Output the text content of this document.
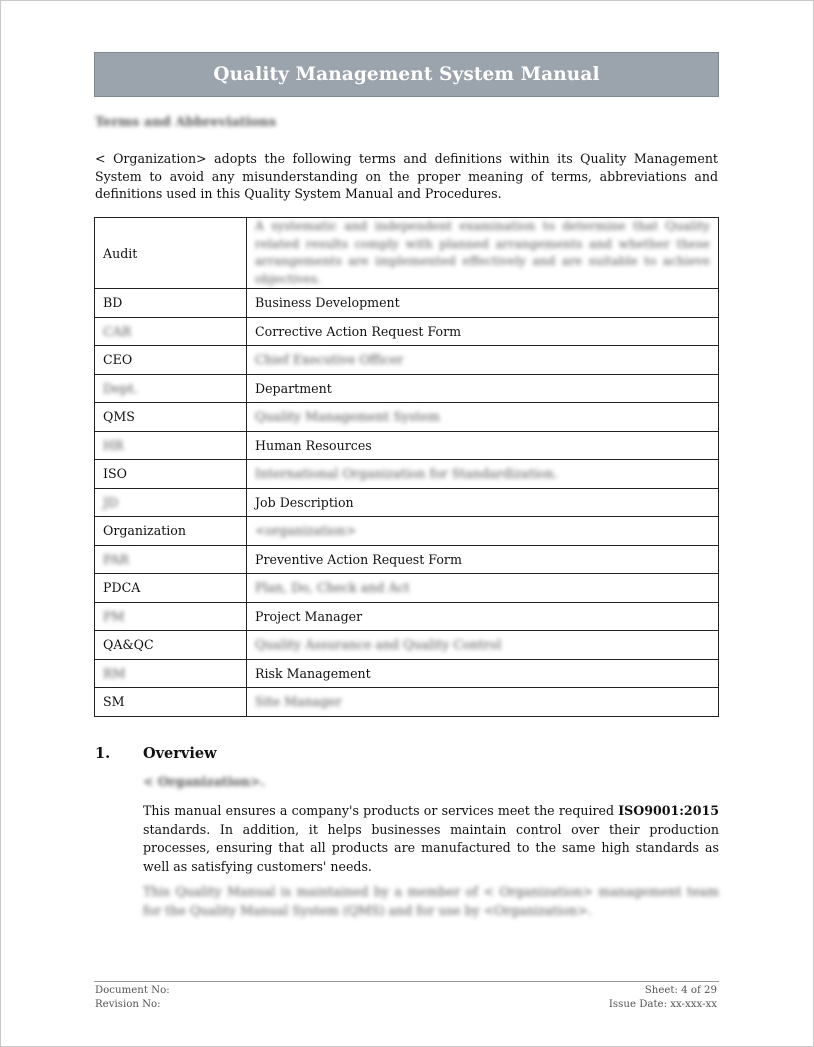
Quality Management System Manual
Terms and Abbreviations
< Organization> adopts the following terms and definitions within its Quality Management System to avoid any misunderstanding on the proper meaning of terms, abbreviations and definitions used in this Quality System Manual and Procedures.
Audit	A systematic and independent examination to determine that Quality related results comply with planned arrangements and whether these arrangements are implemented effectively and are suitable to achieve objectives.
BD	Business Development
CAR	Corrective Action Request Form
CEO	Chief Executive Officer
Dept.	Department
QMS	Quality Management System
HR	Human Resources
ISO	International Organization for Standardization.
JD	Job Description
Organization	<organization>
PAR	Preventive Action Request Form
PDCA	Plan, Do, Check and Act
PM	Project Manager
QA&QC	Quality Assurance and Quality Control
RM	Risk Management
SM	Site Manager
1. Overview
< Organization>.
This manual ensures a company's products or services meet the required ISO9001:2015 standards. In addition, it helps businesses maintain control over their production processes, ensuring that all products are manufactured to the same high standards as well as satisfying customers' needs.
This Quality Manual is maintained by a member of < Organization> management team for the Quality Manual System (QMS) and for use by <Organization>.
Document No:
Revision No:
Sheet: 4 of 29
Issue Date: xx-xxx-xx
